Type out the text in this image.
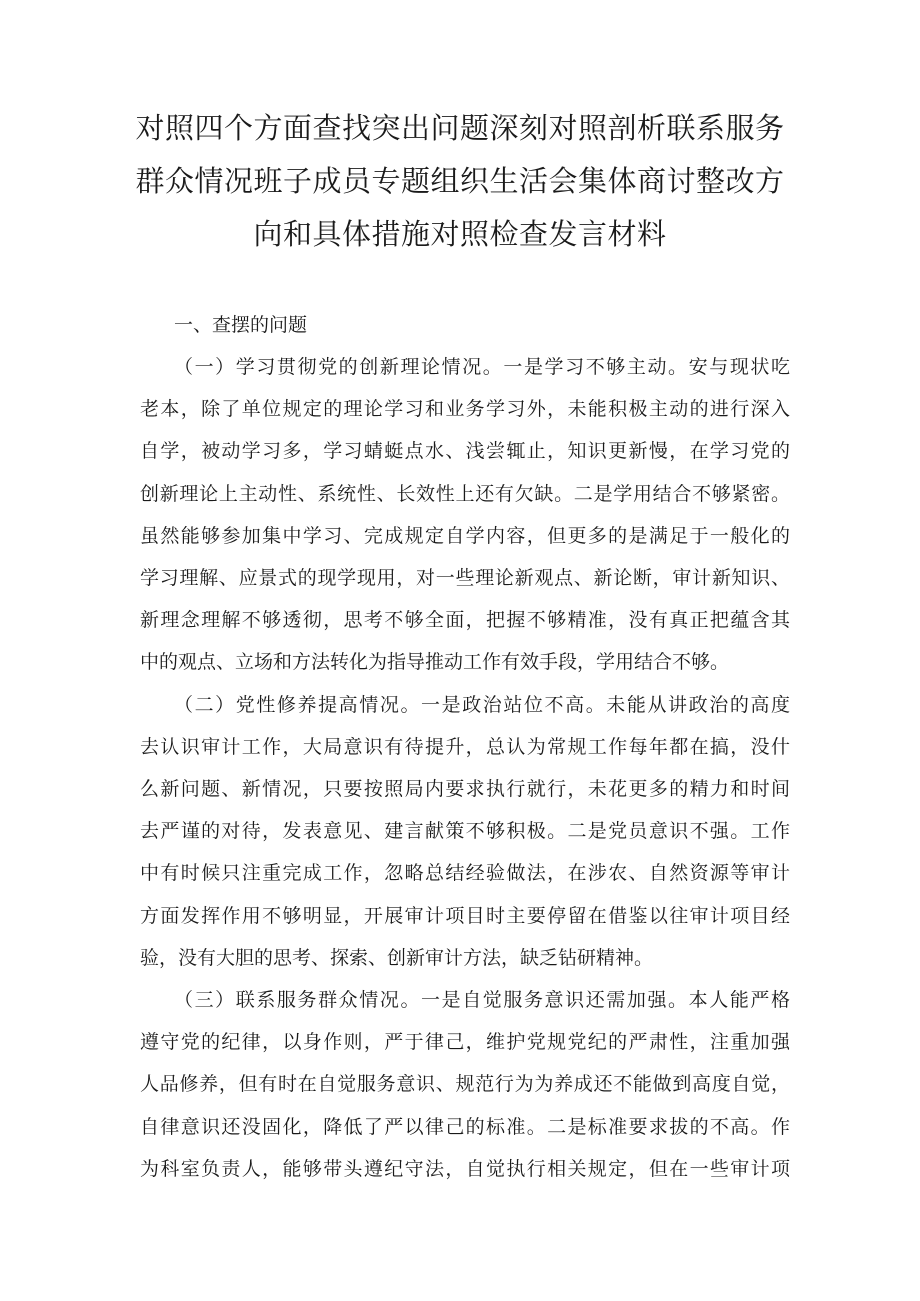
对照四个方面查找突出问题深刻对照剖析联系服务
群众情况班子成员专题组织生活会集体商讨整改方
向和具体措施对照检查发言材料

一、查摆的问题

（一）学习贯彻党的创新理论情况。一是学习不够主动。安与现状吃
老本，除了单位规定的理论学习和业务学习外，未能积极主动的进行深入
自学，被动学习多，学习蜻蜓点水、浅尝辄止，知识更新慢，在学习党的
创新理论上主动性、系统性、长效性上还有欠缺。二是学用结合不够紧密。
虽然能够参加集中学习、完成规定自学内容，但更多的是满足于一般化的
学习理解、应景式的现学现用，对一些理论新观点、新论断，审计新知识、
新理念理解不够透彻，思考不够全面，把握不够精准，没有真正把蕴含其
中的观点、立场和方法转化为指导推动工作有效手段，学用结合不够。

（二）党性修养提高情况。一是政治站位不高。未能从讲政治的高度
去认识审计工作，大局意识有待提升，总认为常规工作每年都在搞，没什
么新问题、新情况，只要按照局内要求执行就行，未花更多的精力和时间
去严谨的对待，发表意见、建言献策不够积极。二是党员意识不强。工作
中有时候只注重完成工作，忽略总结经验做法，在涉农、自然资源等审计
方面发挥作用不够明显，开展审计项目时主要停留在借鉴以往审计项目经
验，没有大胆的思考、探索、创新审计方法，缺乏钻研精神。

（三）联系服务群众情况。一是自觉服务意识还需加强。本人能严格
遵守党的纪律，以身作则，严于律己，维护党规党纪的严肃性，注重加强
人品修养，但有时在自觉服务意识、规范行为为养成还不能做到高度自觉，
自律意识还没固化，降低了严以律己的标准。二是标准要求拔的不高。作
为科室负责人，能够带头遵纪守法，自觉执行相关规定，但在一些审计项
